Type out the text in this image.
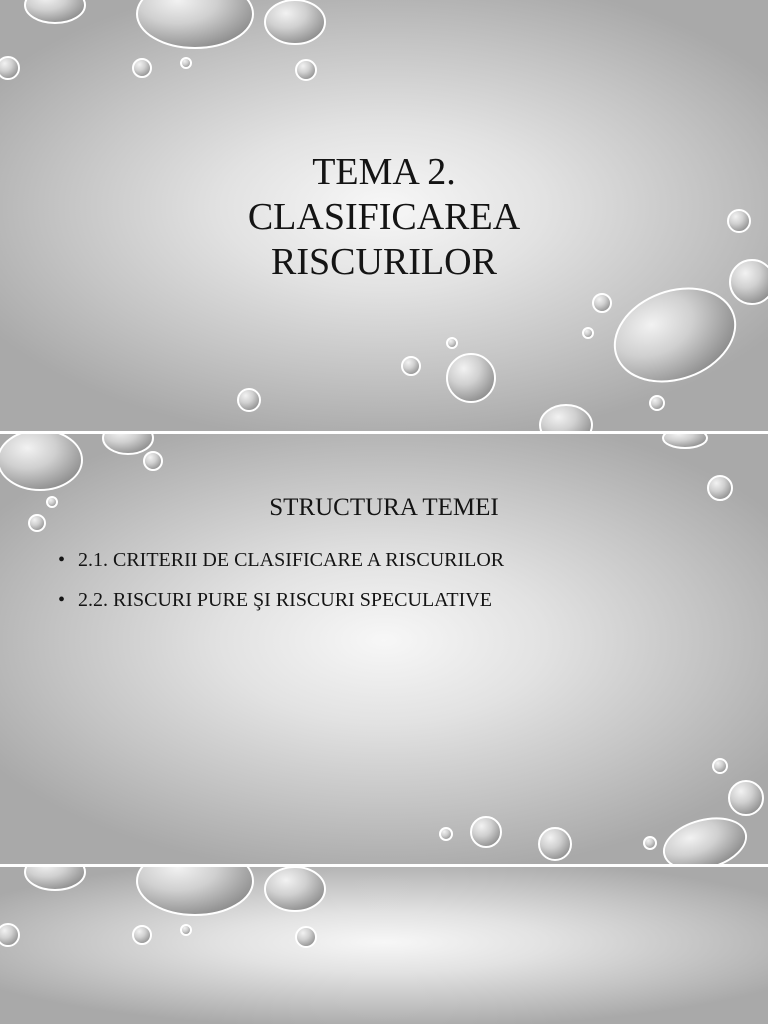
TEMA 2. CLASIFICAREA RISCURILOR
STRUCTURA TEMEI
• 2.1. CRITERII DE CLASIFICARE A RISCURILOR
• 2.2. RISCURI PURE ŞI RISCURI SPECULATIVE
